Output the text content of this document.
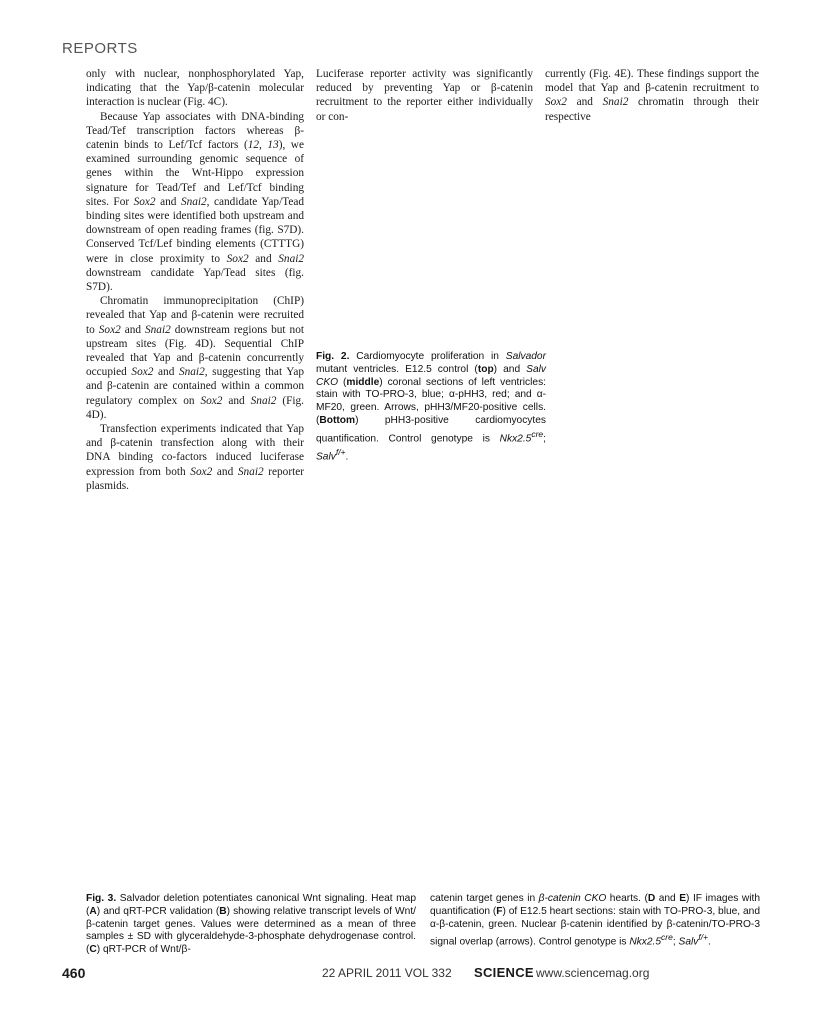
REPORTS

only with nuclear, nonphosphorylated Yap, indicating that the Yap/β-catenin molecular interaction is nuclear (Fig. 4C).

Because Yap associates with DNA-binding Tead/Tef transcription factors whereas β-catenin binds to Lef/Tcf factors (12, 13), we examined surrounding genomic sequence of genes within the Wnt-Hippo expression signature for Tead/Tef and Lef/Tcf binding sites. For Sox2 and Snai2, candidate Yap/Tead binding sites were identified both upstream and downstream of open reading frames (fig. S7D). Conserved Tcf/Lef binding elements (CTTTG) were in close proximity to Sox2 and Snai2 downstream candidate Yap/Tead sites (fig. S7D).

Chromatin immunoprecipitation (ChIP) revealed that Yap and β-catenin were recruited to Sox2 and Snai2 downstream regions but not upstream sites (Fig. 4D). Sequential ChIP revealed that Yap and β-catenin concurrently occupied Sox2 and Snai2, suggesting that Yap and β-catenin are contained within a common regulatory complex on Sox2 and Snai2 (Fig. 4D).

Transfection experiments indicated that Yap and β-catenin transfection along with their DNA binding co-factors induced luciferase expression from both Sox2 and Snai2 reporter plasmids.

Luciferase reporter activity was significantly reduced by preventing Yap or β-catenin recruitment to the reporter either individually or con-

currently (Fig. 4E). These findings support the model that Yap and β-catenin recruitment to Sox2 and Snai2 chromatin through their respective

Fig. 2. Cardiomyocyte proliferation in Salvador mutant ventricles. E12.5 control (top) and Salv CKO (middle) coronal sections of left ventricles: stain with TO-PRO-3, blue; α-pHH3, red; and α-MF20, green. Arrows, pHH3/MF20-positive cells. (Bottom) pHH3-positive cardiomyocytes quantification. Control genotype is $Nkx2.5^{cre}$; Salv$^{f/+}$.
Fig. 3. Salvador deletion potentiates canonical Wnt signaling. Heat map (A) and qRT-PCR validation (B) showing relative transcript levels of Wnt/β-catenin target genes. Values were determined as a mean of three samples ± SD with glyceraldehyde-3-phosphate dehydrogenase control. (C) qRT-PCR of Wnt/β-
catenin target genes in β-catenin CKO hearts. (D and E) IF images with quantification (F) of E12.5 heart sections: stain with TO-PRO-3, blue, and α-β-catenin, green. Nuclear β-catenin identified by β-catenin/TO-PRO-3 signal overlap (arrows). Control genotype is $Nkx2.5^{cre}$; Salv$^{f/+}$.
460	22 APRIL 2011 VOL 332 SCIENCE www.sciencemag.org
